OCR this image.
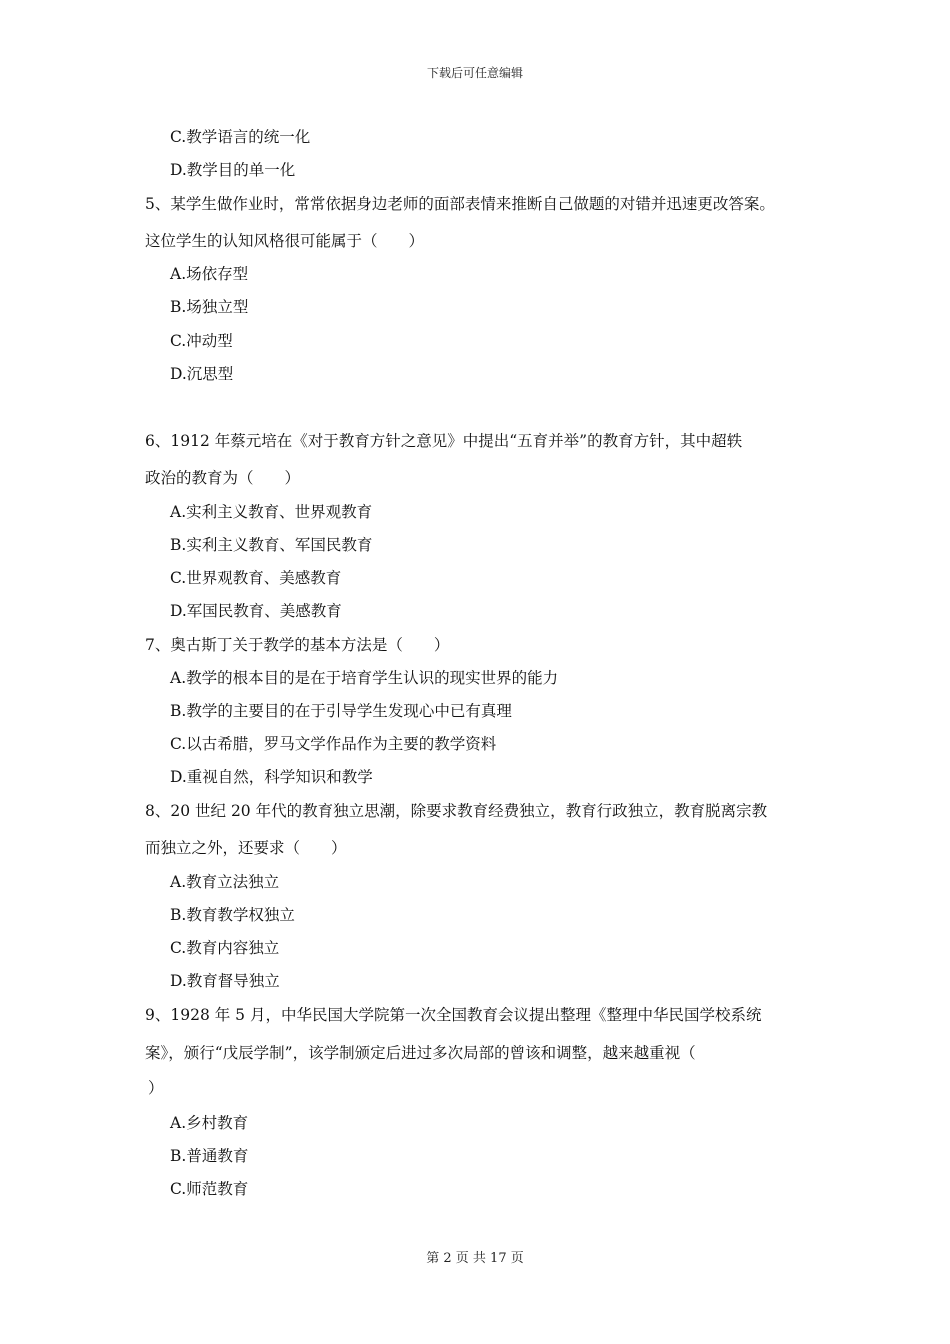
下载后可任意编辑
C.教学语言的统一化
D.教学目的单一化
5、某学生做作业时，常常依据身边老师的面部表情来推断自己做题的对错并迅速更改答案。
这位学生的认知风格很可能属于（　　）
A.场依存型
B.场独立型
C.冲动型
D.沉思型
6、1912 年蔡元培在《对于教育方针之意见》中提出“五育并举”的教育方针，其中超轶
政治的教育为（　　）
A.实利主义教育、世界观教育
B.实利主义教育、军国民教育
C.世界观教育、美感教育
D.军国民教育、美感教育
7、奥古斯丁关于教学的基本方法是（　　）
A.教学的根本目的是在于培育学生认识的现实世界的能力
B.教学的主要目的在于引导学生发现心中已有真理
C.以古希腊，罗马文学作品作为主要的教学资料
D.重视自然，科学知识和教学
8、20 世纪 20 年代的教育独立思潮，除要求教育经费独立，教育行政独立，教育脱离宗教
而独立之外，还要求（　　）
A.教育立法独立
B.教育教学权独立
C.教育内容独立
D.教育督导独立
9、1928 年 5 月，中华民国大学院第一次全国教育会议提出整理《整理中华民国学校系统
案》，颁行“戊辰学制”，该学制颁定后进过多次局部的曾该和调整，越来越重视（
）
A.乡村教育
B.普通教育
C.师范教育
第 2 页 共 17 页
